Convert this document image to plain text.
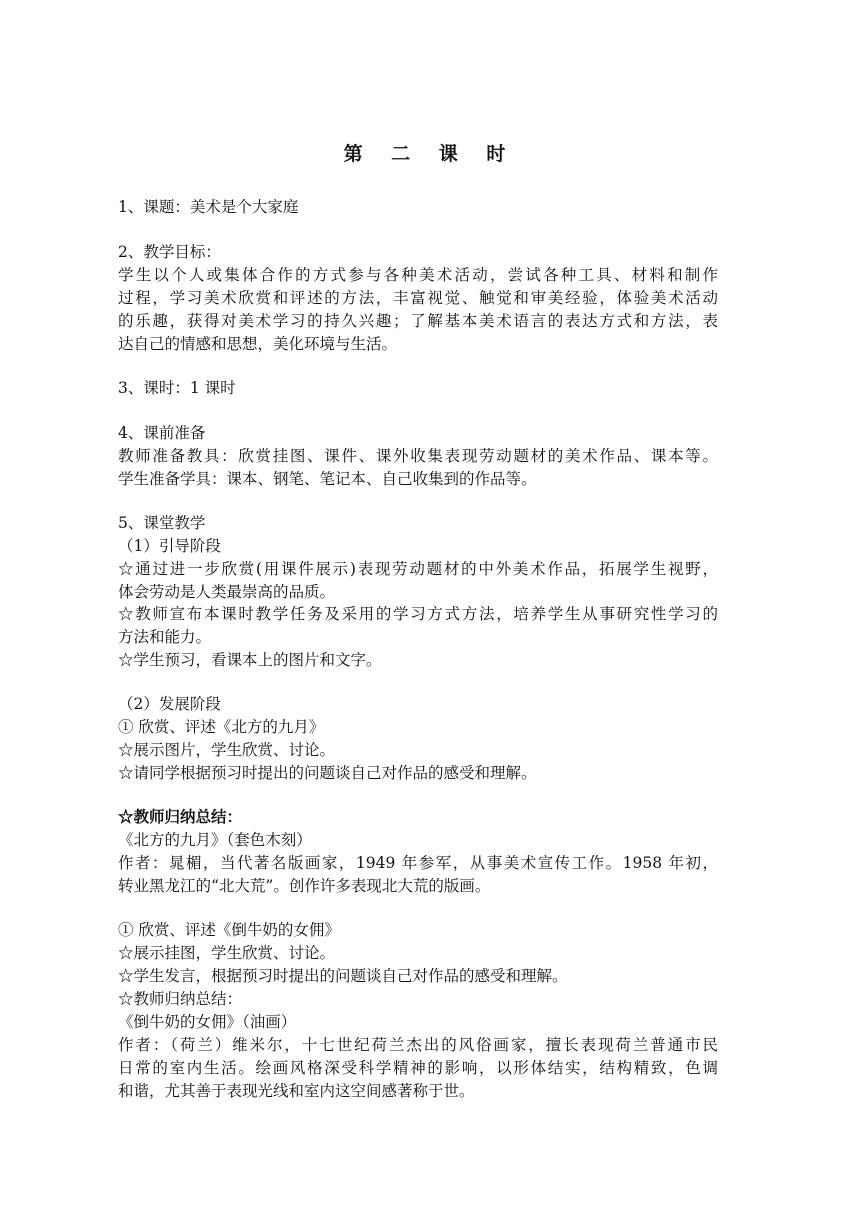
第 二 课 时
1、课题：美术是个大家庭
2、教学目标：
学生以个人或集体合作的方式参与各种美术活动，尝试各种工具、材料和制作
过程，学习美术欣赏和评述的方法，丰富视觉、触觉和审美经验，体验美术活动
的乐趣，获得对美术学习的持久兴趣；了解基本美术语言的表达方式和方法，表
达自己的情感和思想，美化环境与生活。
3、课时：1 课时
4、课前准备
教师准备教具：欣赏挂图、课件、课外收集表现劳动题材的美术作品、课本等。
学生准备学具：课本、钢笔、笔记本、自己收集到的作品等。
5、课堂教学
（1）引导阶段
☆通过进一步欣赏(用课件展示)表现劳动题材的中外美术作品，拓展学生视野，
体会劳动是人类最崇高的品质。
☆教师宣布本课时教学任务及采用的学习方式方法，培养学生从事研究性学习的
方法和能力。
☆学生预习，看课本上的图片和文字。
（2）发展阶段
① 欣赏、评述《北方的九月》
☆展示图片，学生欣赏、讨论。
☆请同学根据预习时提出的问题谈自己对作品的感受和理解。
☆教师归纳总结：
《北方的九月》（套色木刻）
作者：晁楣，当代著名版画家，1949 年参军，从事美术宣传工作。1958 年初，
转业黑龙江的“北大荒”。创作许多表现北大荒的版画。
① 欣赏、评述《倒牛奶的女佣》
☆展示挂图，学生欣赏、讨论。
☆学生发言，根据预习时提出的问题谈自己对作品的感受和理解。
☆教师归纳总结：
《倒牛奶的女佣》（油画）
作者：（荷兰）维米尔，十七世纪荷兰杰出的风俗画家，擅长表现荷兰普通市民
日常的室内生活。绘画风格深受科学精神的影响，以形体结实，结构精致，色调
和谐，尤其善于表现光线和室内这空间感著称于世。
